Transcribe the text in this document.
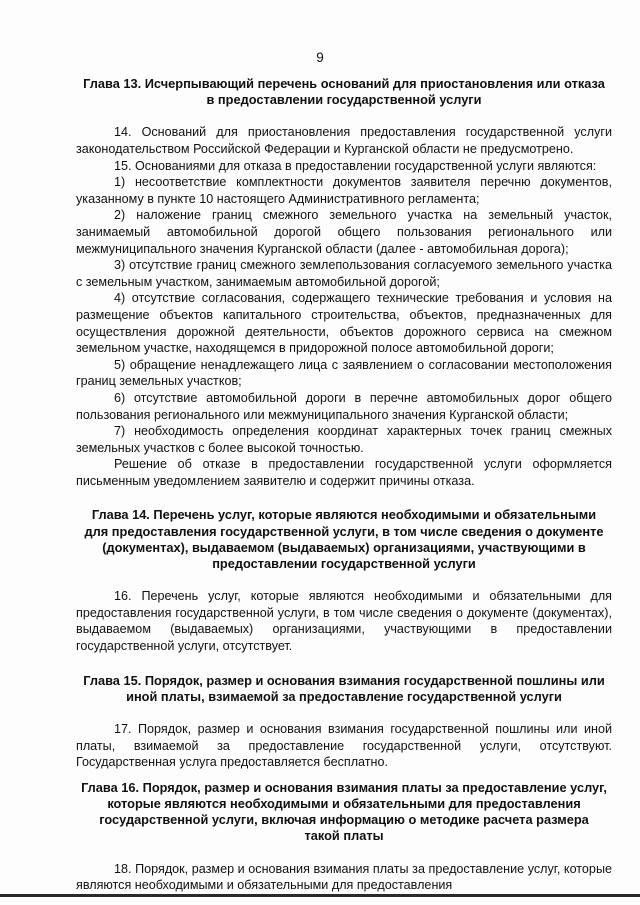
9

Глава 13. Исчерпывающий перечень оснований для приостановления или отказа в предоставлении государственной услуги

14. Оснований для приостановления предоставления государственной услуги законодательством Российской Федерации и Курганской области не предусмотрено.

15. Основаниями для отказа в предоставлении государственной услуги являются:

1) несоответствие комплектности документов заявителя перечню документов, указанному в пункте 10 настоящего Административного регламента;

2) наложение границ смежного земельного участка на земельный участок, занимаемый автомобильной дорогой общего пользования регионального или межмуниципального значения Курганской области (далее - автомобильная дорога);

3) отсутствие границ смежного землепользования согласуемого земельного участка с земельным участком, занимаемым автомобильной дорогой;

4) отсутствие согласования, содержащего технические требования и условия на размещение объектов капитального строительства, объектов, предназначенных для осуществления дорожной деятельности, объектов дорожного сервиса на смежном земельном участке, находящемся в придорожной полосе автомобильной дороги;

5) обращение ненадлежащего лица с заявлением о согласовании местоположения границ земельных участков;

6) отсутствие автомобильной дороги в перечне автомобильных дорог общего пользования регионального или межмуниципального значения Курганской области;

7) необходимость определения координат характерных точек границ смежных земельных участков с более высокой точностью.

Решение об отказе в предоставлении государственной услуги оформляется письменным уведомлением заявителю и содержит причины отказа.

Глава 14. Перечень услуг, которые являются необходимыми и обязательными для предоставления государственной услуги, в том числе сведения о документе (документах), выдаваемом (выдаваемых) организациями, участвующими в предоставлении государственной услуги

16. Перечень услуг, которые являются необходимыми и обязательными для предоставления государственной услуги, в том числе сведения о документе (документах), выдаваемом (выдаваемых) организациями, участвующими в предоставлении государственной услуги, отсутствует.

Глава 15. Порядок, размер и основания взимания государственной пошлины или иной платы, взимаемой за предоставление государственной услуги

17. Порядок, размер и основания взимания государственной пошлины или иной платы, взимаемой за предоставление государственной услуги, отсутствуют. Государственная услуга предоставляется бесплатно.

Глава 16. Порядок, размер и основания взимания платы за предоставление услуг, которые являются необходимыми и обязательными для предоставления государственной услуги, включая информацию о методике расчета размера такой платы

18. Порядок, размер и основания взимания платы за предоставление услуг, которые являются необходимыми и обязательными для предоставления
